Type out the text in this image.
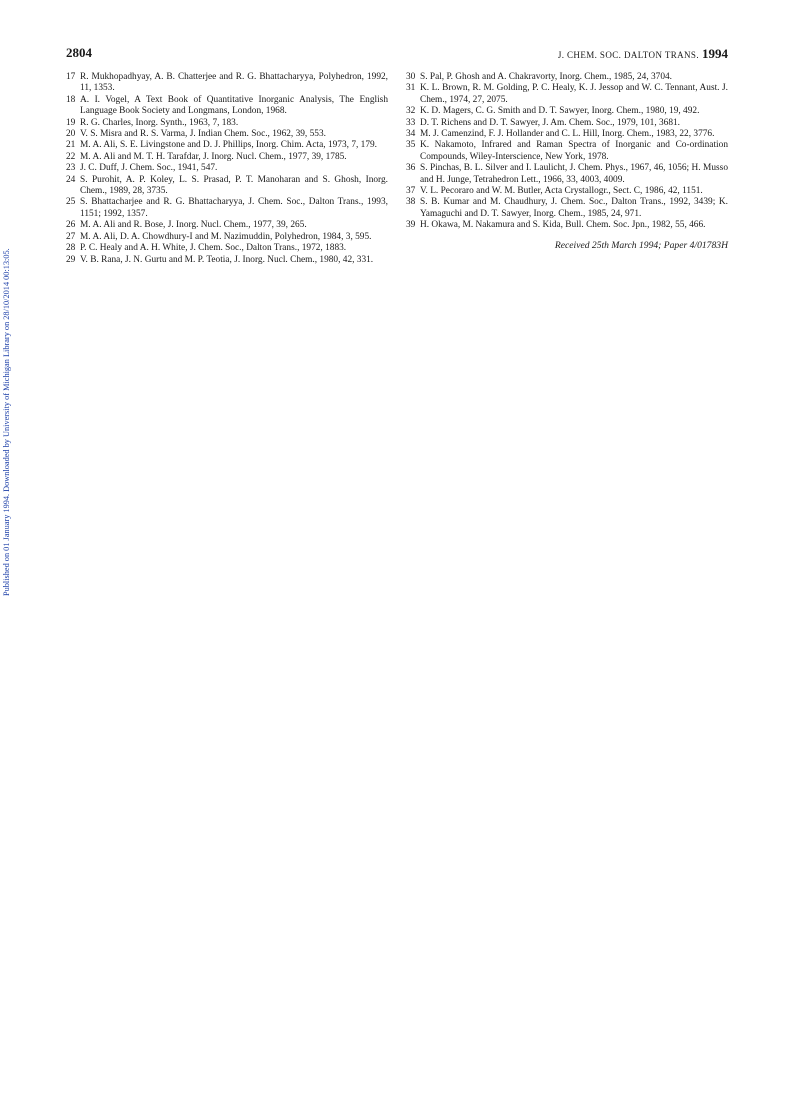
2804	J. CHEM. SOC. DALTON TRANS. 1994
Published on 01 January 1994. Downloaded by University of Michigan Library on 28/10/2014 00:13:05.

17 R. Mukhopadhyay, A. B. Chatterjee and R. G. Bhattacharyya, Polyhedron, 1992, 11, 1353.

18 A. I. Vogel, A Text Book of Quantitative Inorganic Analysis, The English Language Book Society and Longmans, London, 1968.

19 R. G. Charles, Inorg. Synth., 1963, 7, 183.

20 V. S. Misra and R. S. Varma, J. Indian Chem. Soc., 1962, 39, 553.

21 M. A. Ali, S. E. Livingstone and D. J. Phillips, Inorg. Chim. Acta, 1973, 7, 179.

22 M. A. Ali and M. T. H. Tarafdar, J. Inorg. Nucl. Chem., 1977, 39, 1785.

23 J. C. Duff, J. Chem. Soc., 1941, 547.

24 S. Purohit, A. P. Koley, L. S. Prasad, P. T. Manoharan and S. Ghosh, Inorg. Chem., 1989, 28, 3735.

25 S. Bhattacharjee and R. G. Bhattacharyya, J. Chem. Soc., Dalton Trans., 1993, 1151; 1992, 1357.

26 M. A. Ali and R. Bose, J. Inorg. Nucl. Chem., 1977, 39, 265.

27 M. A. Ali, D. A. Chowdhury-I and M. Nazimuddin, Polyhedron, 1984, 3, 595.

28 P. C. Healy and A. H. White, J. Chem. Soc., Dalton Trans., 1972, 1883.

29 V. B. Rana, J. N. Gurtu and M. P. Teotia, J. Inorg. Nucl. Chem., 1980, 42, 331.

30 S. Pal, P. Ghosh and A. Chakravorty, Inorg. Chem., 1985, 24, 3704.

31 K. L. Brown, R. M. Golding, P. C. Healy, K. J. Jessop and W. C. Tennant, Aust. J. Chem., 1974, 27, 2075.

32 K. D. Magers, C. G. Smith and D. T. Sawyer, Inorg. Chem., 1980, 19, 492.

33 D. T. Richens and D. T. Sawyer, J. Am. Chem. Soc., 1979, 101, 3681.

34 M. J. Camenzind, F. J. Hollander and C. L. Hill, Inorg. Chem., 1983, 22, 3776.

35 K. Nakamoto, Infrared and Raman Spectra of Inorganic and Co-ordination Compounds, Wiley-Interscience, New York, 1978.

36 S. Pinchas, B. L. Silver and I. Laulicht, J. Chem. Phys., 1967, 46, 1056; H. Musso and H. Junge, Tetrahedron Lett., 1966, 33, 4003, 4009.

37 V. L. Pecoraro and W. M. Butler, Acta Crystallogr., Sect. C, 1986, 42, 1151.

38 S. B. Kumar and M. Chaudhury, J. Chem. Soc., Dalton Trans., 1992, 3439; K. Yamaguchi and D. T. Sawyer, Inorg. Chem., 1985, 24, 971.

39 H. Okawa, M. Nakamura and S. Kida, Bull. Chem. Soc. Jpn., 1982, 55, 466.

Received 25th March 1994; Paper 4/01783H
